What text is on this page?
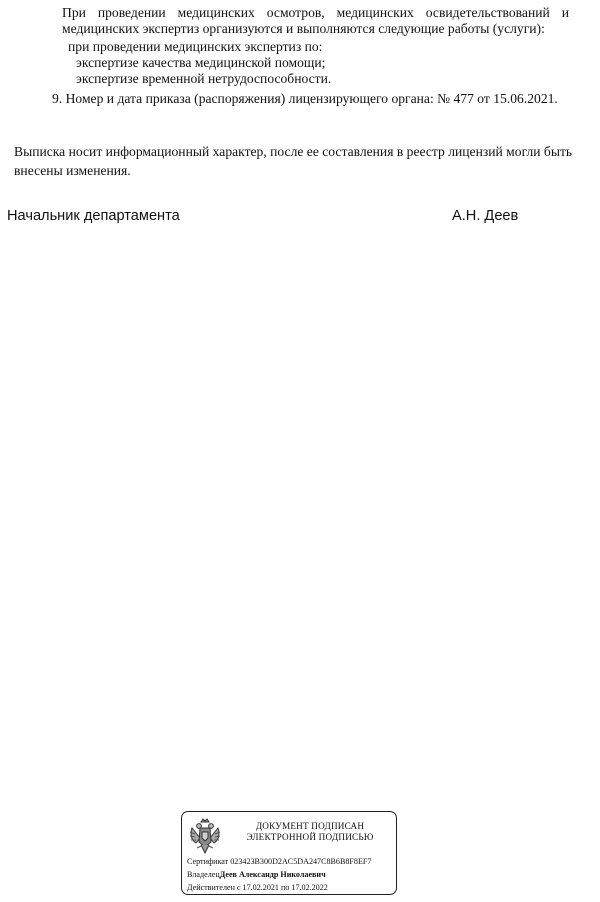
При проведении медицинских осмотров, медицинских освидетельствований и медицинских экспертиз организуются и выполняются следующие работы (услуги):
при проведении медицинских экспертиз по:
экспертизе качества медицинской помощи;
экспертизе временной нетрудоспособности.
9. Номер и дата приказа (распоряжения) лицензирующего органа: № 477 от 15.06.2021.
Выписка носит информационный характер, после ее составления в реестр лицензий могли быть внесены изменения.
Начальник департамента	А.Н. Деев
ДОКУМЕНТ ПОДПИСАН
ЭЛЕКТРОННОЙ ПОДПИСЬЮ
Сертификат 023423B300D2AC5DA247C8B6B8F8EF7
ВладелецДеев Александр Николаевич
Действителен с 17.02.2021 по 17.02.2022
